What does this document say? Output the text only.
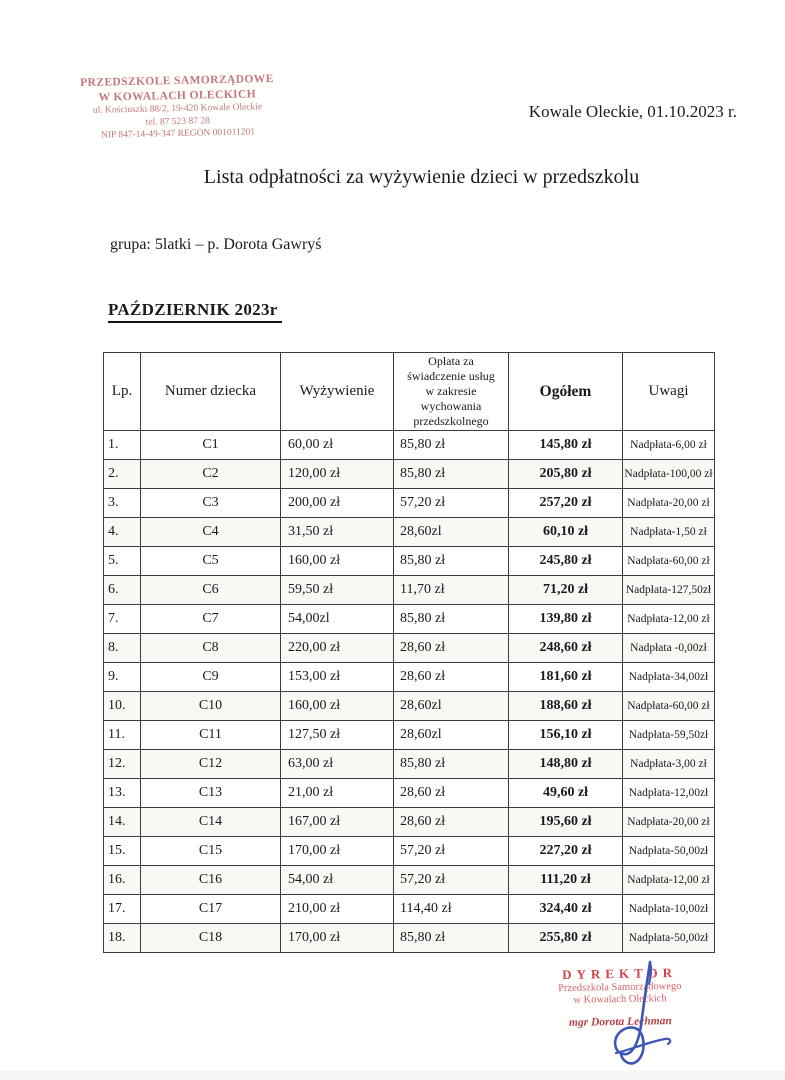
PRZEDSZKOLE SAMORZĄDOWE
W KOWALACH OLECKICH
ul. Kościuszki 88/2, 19-420 Kowale Oleckie
tel. 87 523 87 28
NIP 847-14-49-347 REGON 001011201
Kowale Oleckie, 01.10.2023 r.
Lista odpłatności za wyżywienie dzieci w przedszkolu
grupa: 5latki – p. Dorota Gawryś
PAŹDZIERNIK 2023r
Lp.	Numer dziecka	Wyżywienie	Opłata za świadczenie usług w zakresie wychowania przedszkolnego	Ogółem	Uwagi
1.	C1	60,00 zł	85,80 zł	145,80 zł	Nadpłata-6,00 zł
2.	C2	120,00 zł	85,80 zł	205,80 zł	Nadpłata-100,00 zł
3.	C3	200,00 zł	57,20 zł	257,20 zł	Nadpłata-20,00 zł
4.	C4	31,50 zł	28,60zl	60,10 zł	Nadpłata-1,50 zł
5.	C5	160,00 zł	85,80 zł	245,80 zł	Nadpłata-60,00 zł
6.	C6	59,50 zł	11,70 zł	71,20 zł	Nadpłata-127,50zł
7.	C7	54,00zl	85,80 zł	139,80 zł	Nadpłata-12,00 zł
8.	C8	220,00 zł	28,60 zł	248,60 zł	Nadpłata -0,00zł
9.	C9	153,00 zł	28,60 zł	181,60 zł	Nadpłata-34,00zł
10.	C10	160,00 zł	28,60zl	188,60 zł	Nadpłata-60,00 zł
11.	C11	127,50 zł	28,60zl	156,10 zł	Nadpłata-59,50zł
12.	C12	63,00 zł	85,80 zł	148,80 zł	Nadpłata-3,00 zł
13.	C13	21,00 zł	28,60 zł	49,60 zł	Nadpłata-12,00zł
14.	C14	167,00 zł	28,60 zł	195,60 zł	Nadpłata-20,00 zł
15.	C15	170,00 zł	57,20 zł	227,20 zł	Nadpłata-50,00zł
16.	C16	54,00 zł	57,20 zł	111,20 zł	Nadpłata-12,00 zł
17.	C17	210,00 zł	114,40 zł	324,40 zł	Nadpłata-10,00zł
18.	C18	170,00 zł	85,80 zł	255,80 zł	Nadpłata-50,00zł
DYREKTOR
Przedszkola Samorządowego
w Kowalach Oleckich
mgr Dorota Lechman
